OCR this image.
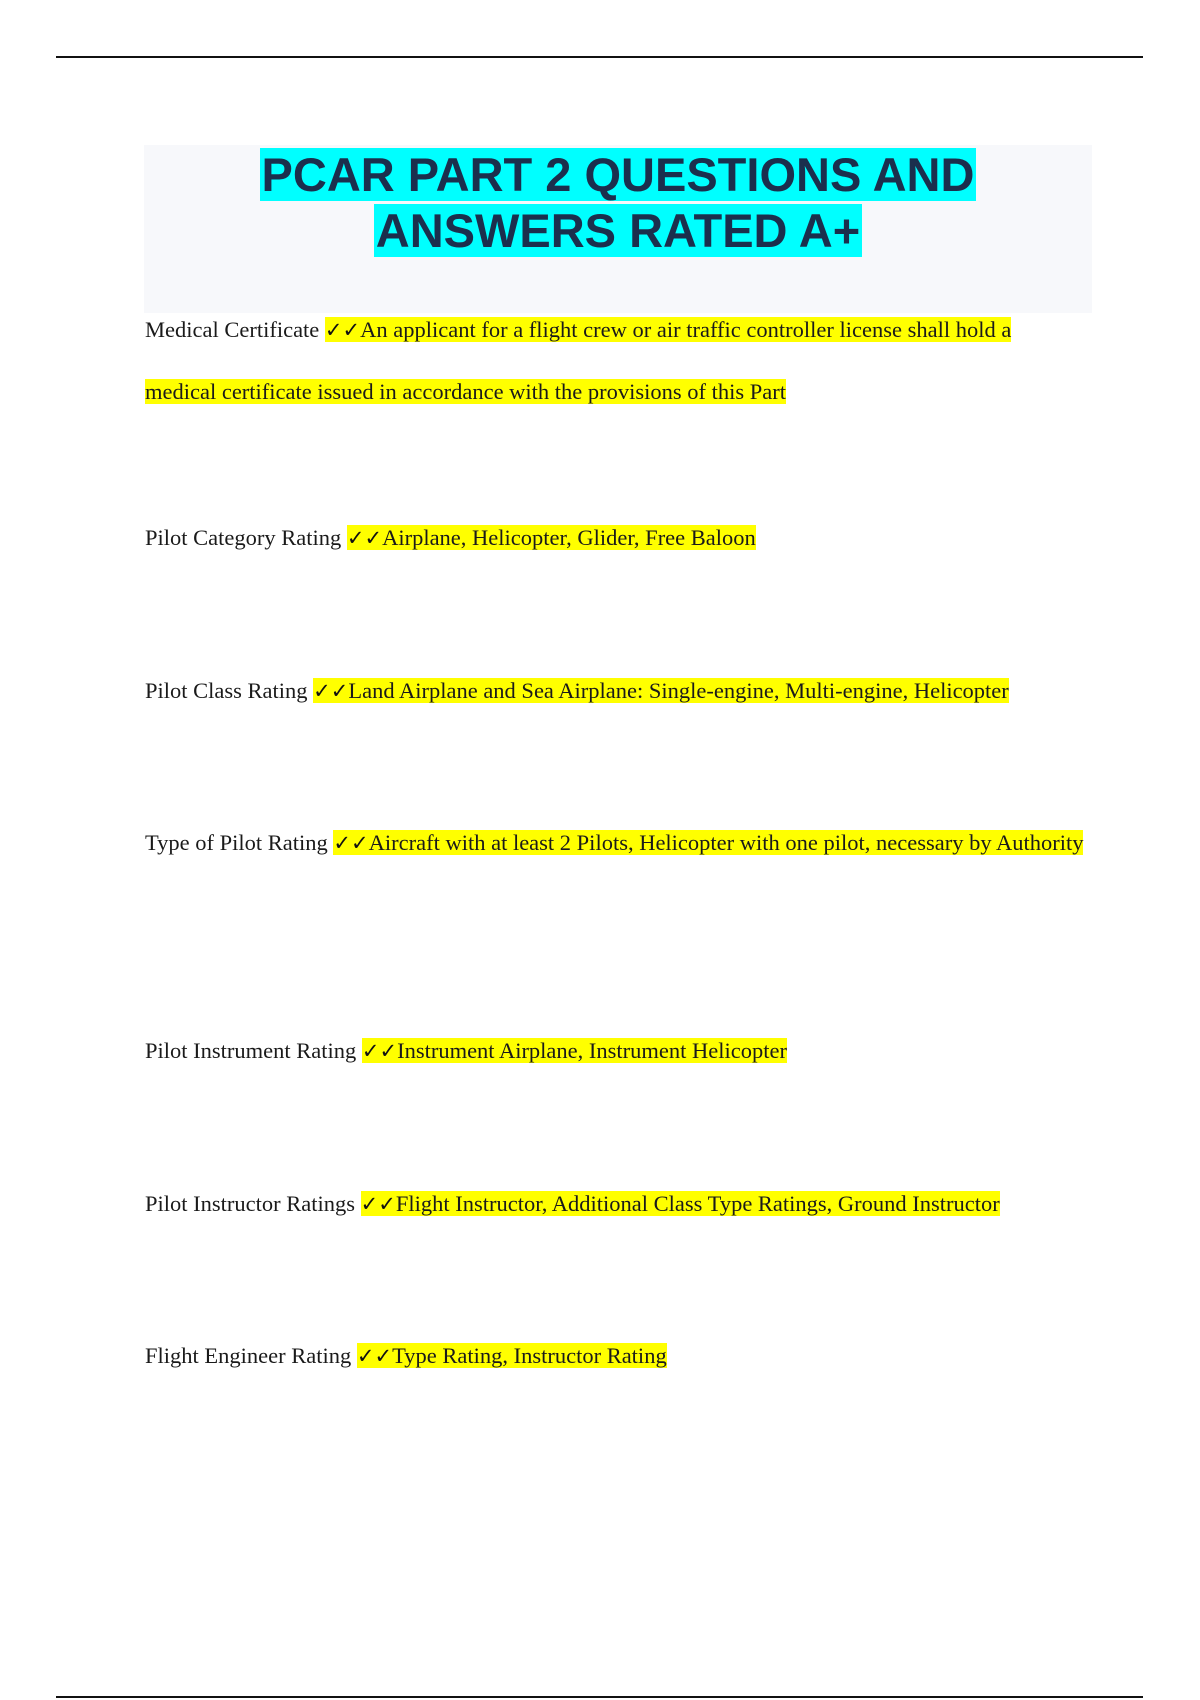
PCAR PART 2 QUESTIONS AND
ANSWERS RATED A+

Medical Certificate ✓✓An applicant for a flight crew or air traffic controller license shall hold a medical certificate issued in accordance with the provisions of this Part

Pilot Category Rating ✓✓Airplane, Helicopter, Glider, Free Baloon

Pilot Class Rating ✓✓Land Airplane and Sea Airplane: Single-engine, Multi-engine, Helicopter

Type of Pilot Rating ✓✓Aircraft with at least 2 Pilots, Helicopter with one pilot, necessary by Authority

Pilot Instrument Rating ✓✓Instrument Airplane, Instrument Helicopter

Pilot Instructor Ratings ✓✓Flight Instructor, Additional Class Type Ratings, Ground Instructor

Flight Engineer Rating ✓✓Type Rating, Instructor Rating
